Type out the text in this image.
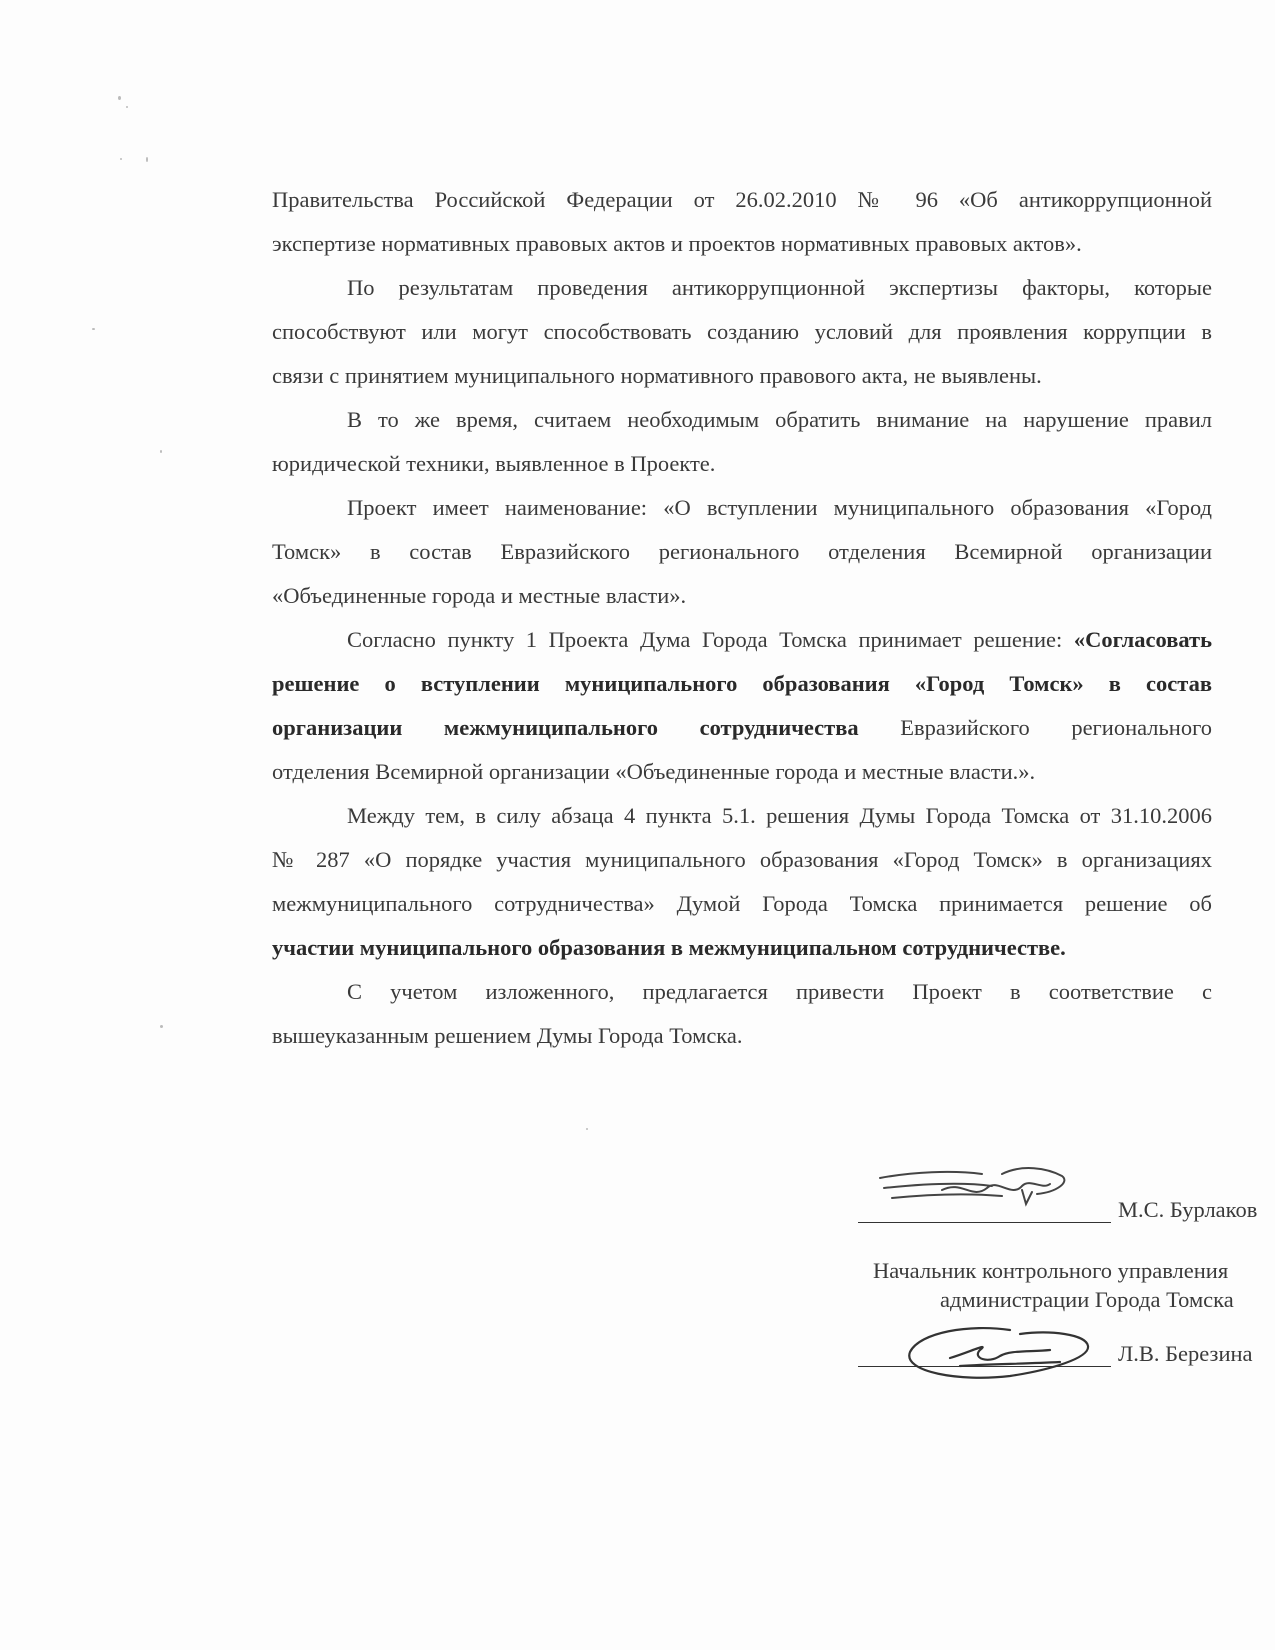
Правительства Российской Федерации от 26.02.2010 № 96 «Об антикоррупционной
экспертизе нормативных правовых актов и проектов нормативных правовых актов».
По результатам проведения антикоррупционной экспертизы факторы, которые
способствуют или могут способствовать созданию условий для проявления коррупции в
связи с принятием муниципального нормативного правового акта, не выявлены.
В то же время, считаем необходимым обратить внимание на нарушение правил
юридической техники, выявленное в Проекте.
Проект имеет наименование: «О вступлении муниципального образования «Город
Томск» в состав Евразийского регионального отделения Всемирной организации
«Объединенные города и местные власти».
Согласно пункту 1 Проекта Дума Города Томска принимает решение: «Согласовать
решение о вступлении муниципального образования «Город Томск» в состав
организации межмуниципального сотрудничества Евразийского регионального
отделения Всемирной организации «Объединенные города и местные власти.».
Между тем, в силу абзаца 4 пункта 5.1. решения Думы Города Томска от 31.10.2006
№ 287 «О порядке участия муниципального образования «Город Томск» в организациях
межмуниципального сотрудничества» Думой Города Томска принимается решение об
участии муниципального образования в межмуниципальном сотрудничестве.
С учетом изложенного, предлагается привести Проект в соответствие с
вышеуказанным решением Думы Города Томска.
М.С. Бурлаков
Начальник контрольного управления
администрации Города Томска
Л.В. Березина
